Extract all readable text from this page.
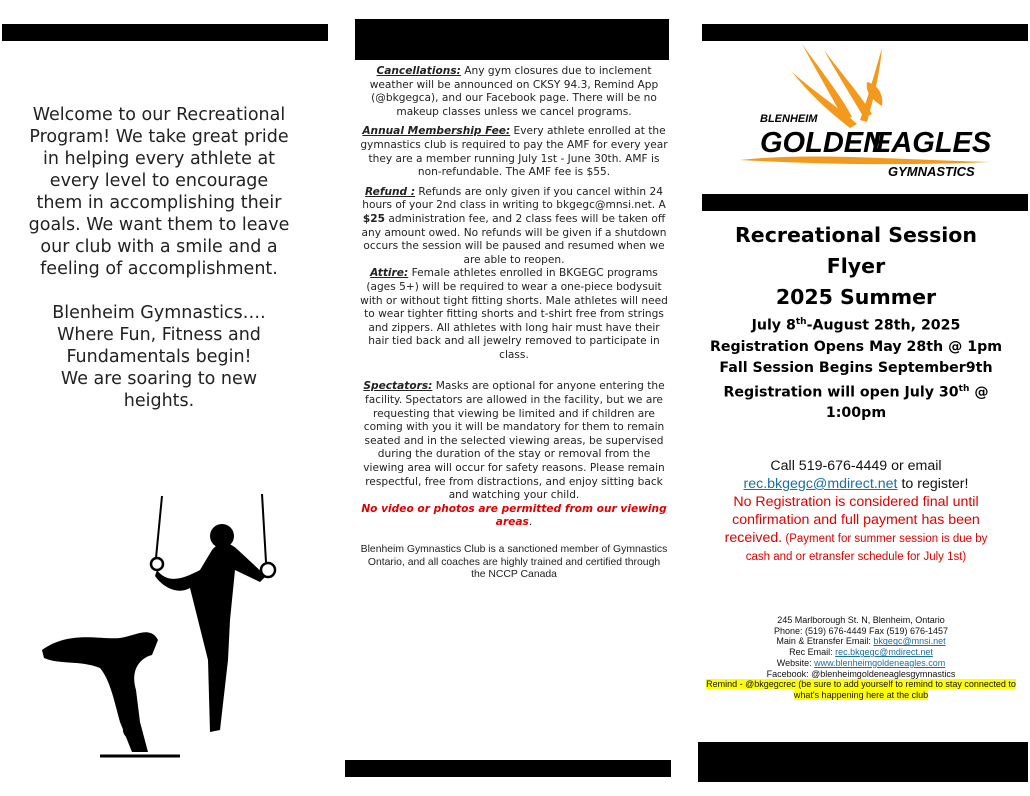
Welcome to our Recreational Program! We take great pride in helping every athlete at every level to encourage them in accomplishing their goals. We want them to leave our club with a smile and a feeling of accomplishment.

Blenheim Gymnastics….
Where Fun, Fitness and Fundamentals begin!
We are soaring to new heights.

Cancellations: Any gym closures due to inclement weather will be announced on CKSY 94.3, Remind App (@bkgegca), and our Facebook page. There will be no makeup classes unless we cancel programs.

Annual Membership Fee: Every athlete enrolled at the gymnastics club is required to pay the AMF for every year they are a member running July 1st - June 30th. AMF is non-refundable. The AMF fee is $55.

Refund : Refunds are only given if you cancel within 24 hours of your 2nd class in writing to bkgegc@mnsi.net. A $25 administration fee, and 2 class fees will be taken off any amount owed. No refunds will be given if a shutdown occurs the session will be paused and resumed when we are able to reopen.

Attire: Female athletes enrolled in BKGEGC programs (ages 5+) will be required to wear a one-piece bodysuit with or without tight fitting shorts. Male athletes will need to wear tighter fitting shorts and t-shirt free from strings and zippers. All athletes with long hair must have their hair tied back and all jewelry removed to participate in class.

Spectators: Masks are optional for anyone entering the facility. Spectators are allowed in the facility, but we are requesting that viewing be limited and if children are coming with you it will be mandatory for them to remain seated and in the selected viewing areas, be supervised during the duration of the stay or removal from the viewing area will occur for safety reasons. Please remain respectful, free from distractions, and enjoy sitting back and watching your child.

No video or photos are permitted from our viewing areas.

Blenheim Gymnastics Club is a sanctioned member of Gymnastics Ontario, and all coaches are highly trained and certified through the NCCP Canada

BLENHEIM
GOLDEN
EAGLES
GYMNASTICS
Recreational Session
Flyer
2025 Summer
July 8th-August 28th, 2025
Registration Opens May 28th @ 1pm
Fall Session Begins September9th
Registration will open July 30th @ 1:00pm
Call 519-676-4449 or email
rec.bkgegc@mdirect.net to register!
No Registration is considered final until confirmation and full payment has been received. (Payment for summer session is due by cash and or etransfer schedule for July 1st)
245 Marlborough St. N, Blenheim, Ontario
Phone: (519) 676-4449 Fax (519) 676-1457
Main & Etransfer Email: bkgegc@mnsi.net
Rec Email: rec.bkgegc@mdirect.net
Website: www.blenheimgoldeneagles.com
Facebook: @blenheimgoldeneaglesgymnastics
Remind - @bkgegcrec (be sure to add yourself to remind to stay connected to what's happening here at the club
